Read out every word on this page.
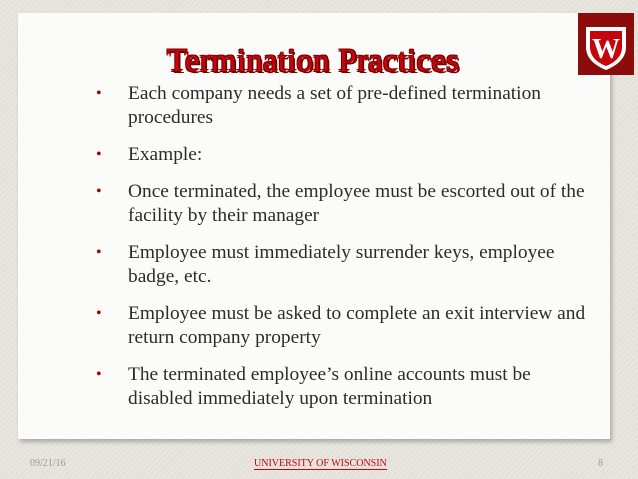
Termination Practices	W
• Each company needs a set of pre-defined termination procedures
• Example:
• Once terminated, the employee must be escorted out of the facility by their manager
• Employee must immediately surrender keys, employee badge, etc.
• Employee must be asked to complete an exit interview and return company property
• The terminated employee’s online accounts must be disabled immediately upon termination
09/21/16	UNIVERSITY OF WISCONSIN	8
